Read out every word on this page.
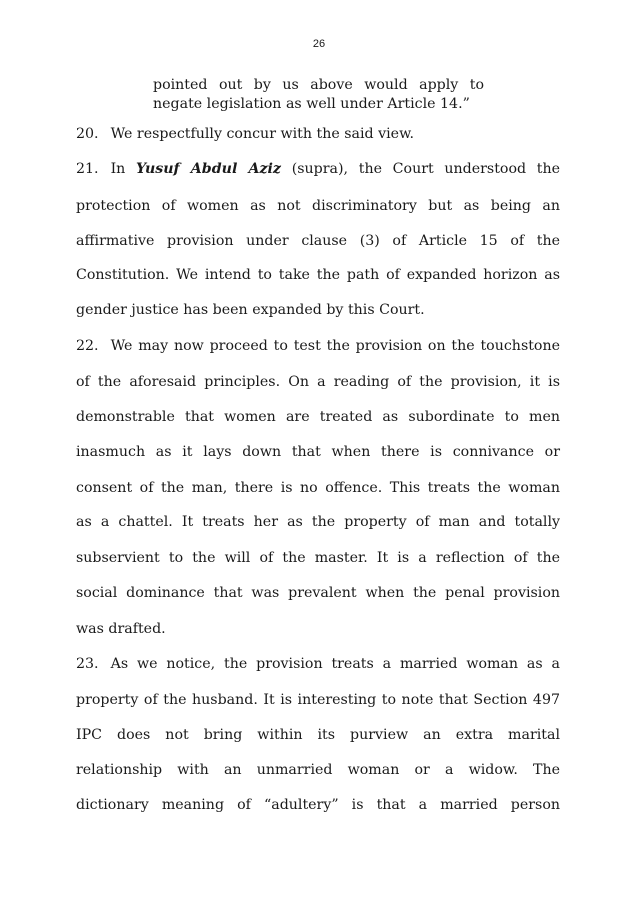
26
pointed out by us above would apply to
negate legislation as well under Article 14.”
20. We respectfully concur with the said view.
21. In Yusuf Abdul Aziz (supra), the Court understood the
protection of women as not discriminatory but as being an
affirmative provision under clause (3) of Article 15 of the
Constitution. We intend to take the path of expanded horizon as
gender justice has been expanded by this Court.
22. We may now proceed to test the provision on the touchstone
of the aforesaid principles. On a reading of the provision, it is
demonstrable that women are treated as subordinate to men
inasmuch as it lays down that when there is connivance or
consent of the man, there is no offence. This treats the woman
as a chattel. It treats her as the property of man and totally
subservient to the will of the master. It is a reflection of the
social dominance that was prevalent when the penal provision
was drafted.
23. As we notice, the provision treats a married woman as a
property of the husband. It is interesting to note that Section 497
IPC does not bring within its purview an extra marital
relationship with an unmarried woman or a widow. The
dictionary meaning of “adultery” is that a married person
